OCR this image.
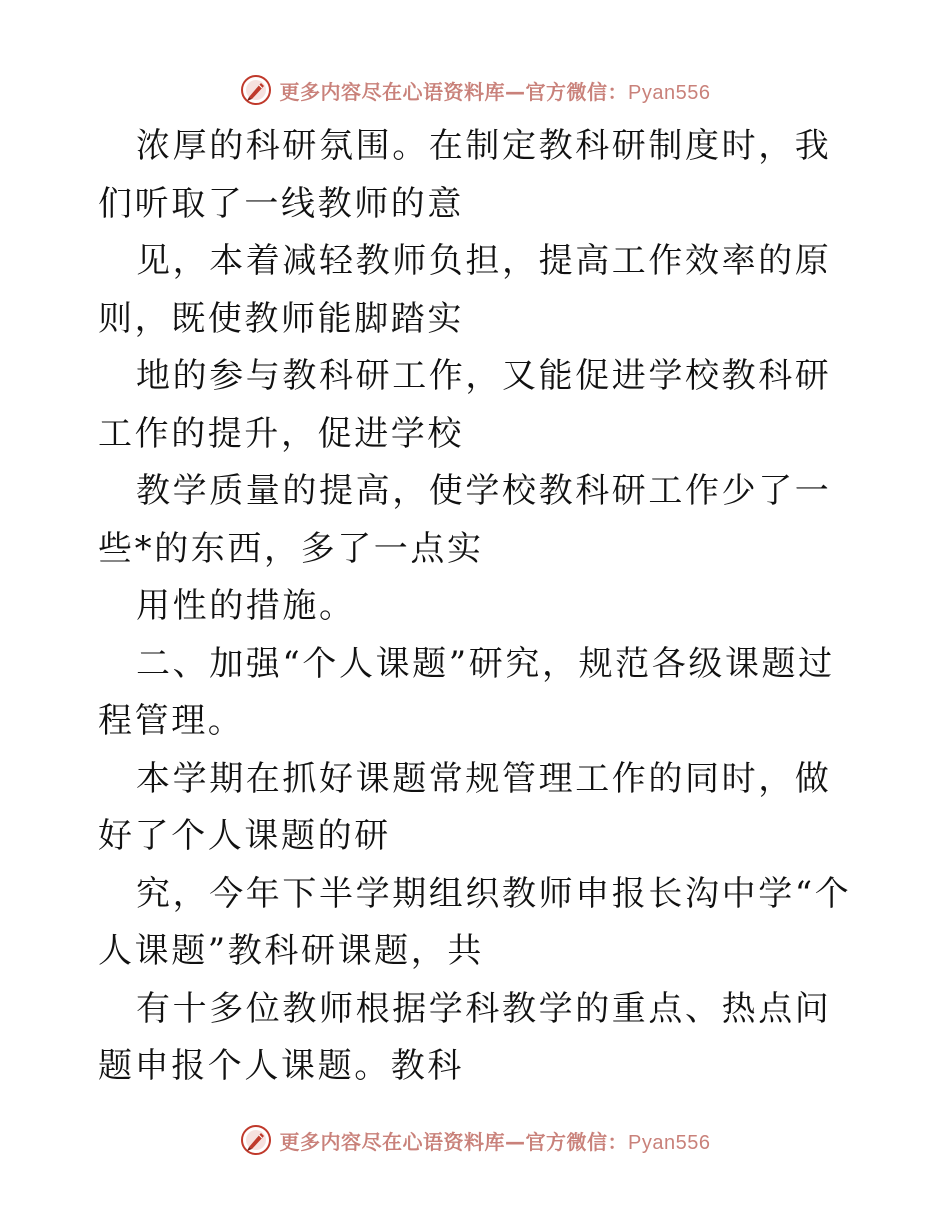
更多内容尽在心语资料库—官方微信：Pyan556

浓厚的科研氛围。在制定教科研制度时，我们听取了一线教师的意

见，本着减轻教师负担，提高工作效率的原则，既使教师能脚踏实

地的参与教科研工作，又能促进学校教科研工作的提升，促进学校

教学质量的提高，使学校教科研工作少了一些*的东西，多了一点实

用性的措施。

二、加强“个人课题”研究，规范各级课题过程管理。

本学期在抓好课题常规管理工作的同时，做好了个人课题的研

究，今年下半学期组织教师申报长沟中学“个人课题”教科研课题，共

有十多位教师根据学科教学的重点、热点问题申报个人课题。教科

更多内容尽在心语资料库—官方微信：Pyan556
